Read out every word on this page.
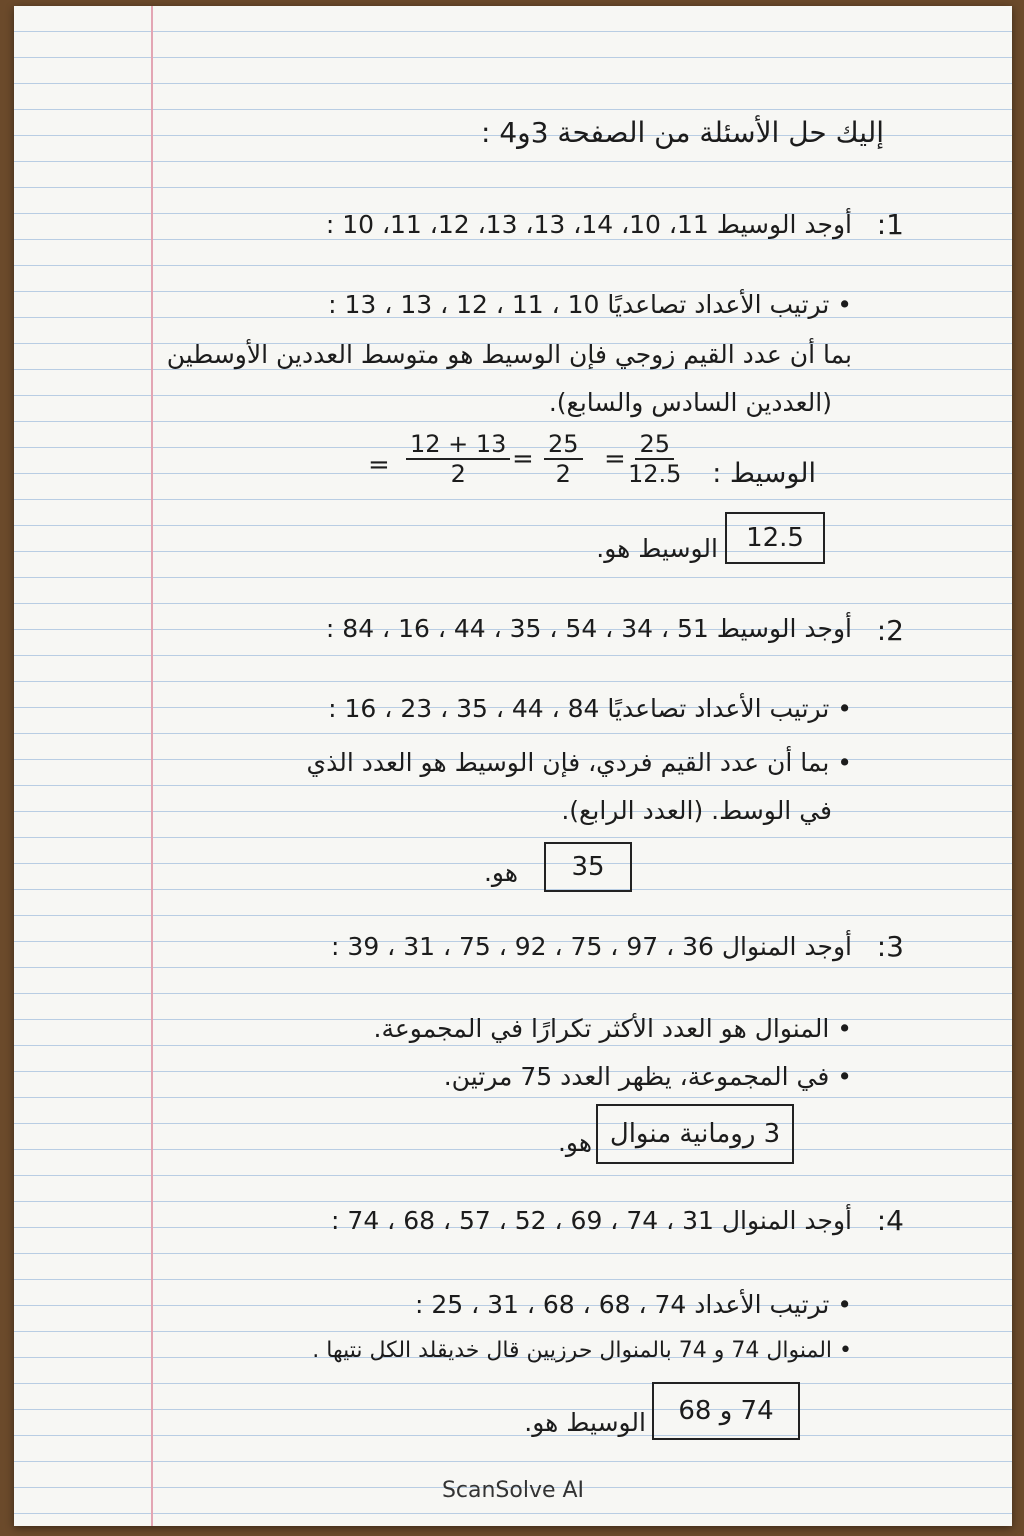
إليك حل الأسئلة من الصفحة 3و4 :
:1
أوجد الوسيط 11، 10، 14، 13، 13، 12، 11، 10 :
• ترتيب الأعداد تصاعديًا 10 ، 11 ، 12 ، 13 ، 13 :
بما أن عدد القيم زوجي فإن الوسيط هو متوسط العددين الأوسطين
(العددين السادس والسابع).
الوسيط :
$\frac{25}{12.5}$
=
$\frac{25}{2}$
=
$\frac{12 + 13}{2}$
=
الوسيط هو.	12.5
:2
أوجد الوسيط 51 ، 34 ، 54 ، 35 ، 44 ، 16 ، 84 :
• ترتيب الأعداد تصاعديًا 84 ، 44 ، 35 ، 23 ، 16 :
• بما أن عدد القيم فردي، فإن الوسيط هو العدد الذي
في الوسط. (العدد الرابع).
هو.	35
:3
أوجد المنوال 36 ، 97 ، 75 ، 92 ، 75 ، 31 ، 39 :
• المنوال هو العدد الأكثر تكرارًا في المجموعة.
• في المجموعة، يظهر العدد 75 مرتين.
هو. 3 رومانية منوال
:4
أوجد المنوال 31 ، 74 ، 69 ، 52 ، 57 ، 68 ، 74 :
• ترتيب الأعداد 74 ، 68 ، 68 ، 31 ، 25 :
• المنوال 74 و 74 بالمنوال حرزيين قال خديقلد الكل نتيها .
الوسيط هو.	74 و 68
ScanSolve AI
